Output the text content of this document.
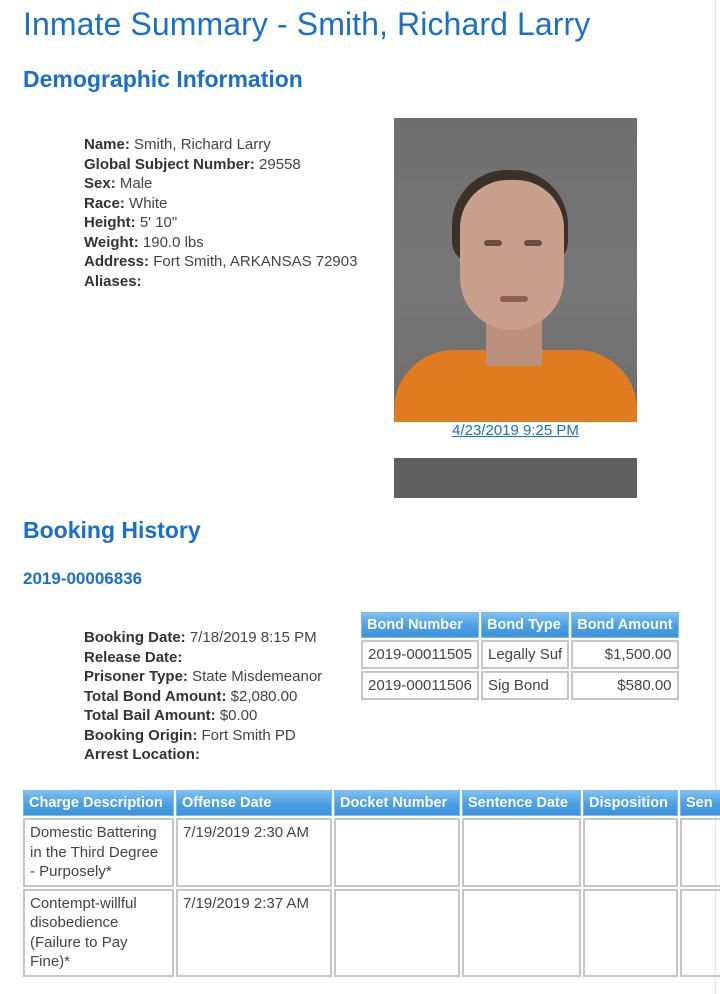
Inmate Summary - Smith, Richard Larry
Demographic Information
Name: Smith, Richard Larry
Global Subject Number: 29558
Sex: Male
Race: White
Height: 5' 10"
Weight: 190.0 lbs
Address: Fort Smith, ARKANSAS 72903
Aliases:
4/23/2019 9:25 PM
Booking History
2019-00006836
Booking Date: 7/18/2019 8:15 PM
Release Date:
Prisoner Type: State Misdemeanor
Total Bond Amount: $2,080.00
Total Bail Amount: $0.00
Booking Origin: Fort Smith PD
Arrest Location:
Bond Number	Bond Type	Bond Amount
2019-00011505	Legally Suf	$1,500.00
2019-00011506	Sig Bond	$580.00
Charge Description	Offense Date	Docket Number	Sentence Date	Disposition	Sen
Domestic Battering in the Third Degree - Purposely*	7/19/2019 2:30 AM				
Contempt-willful disobedience (Failure to Pay Fine)*	7/19/2019 2:37 AM				
